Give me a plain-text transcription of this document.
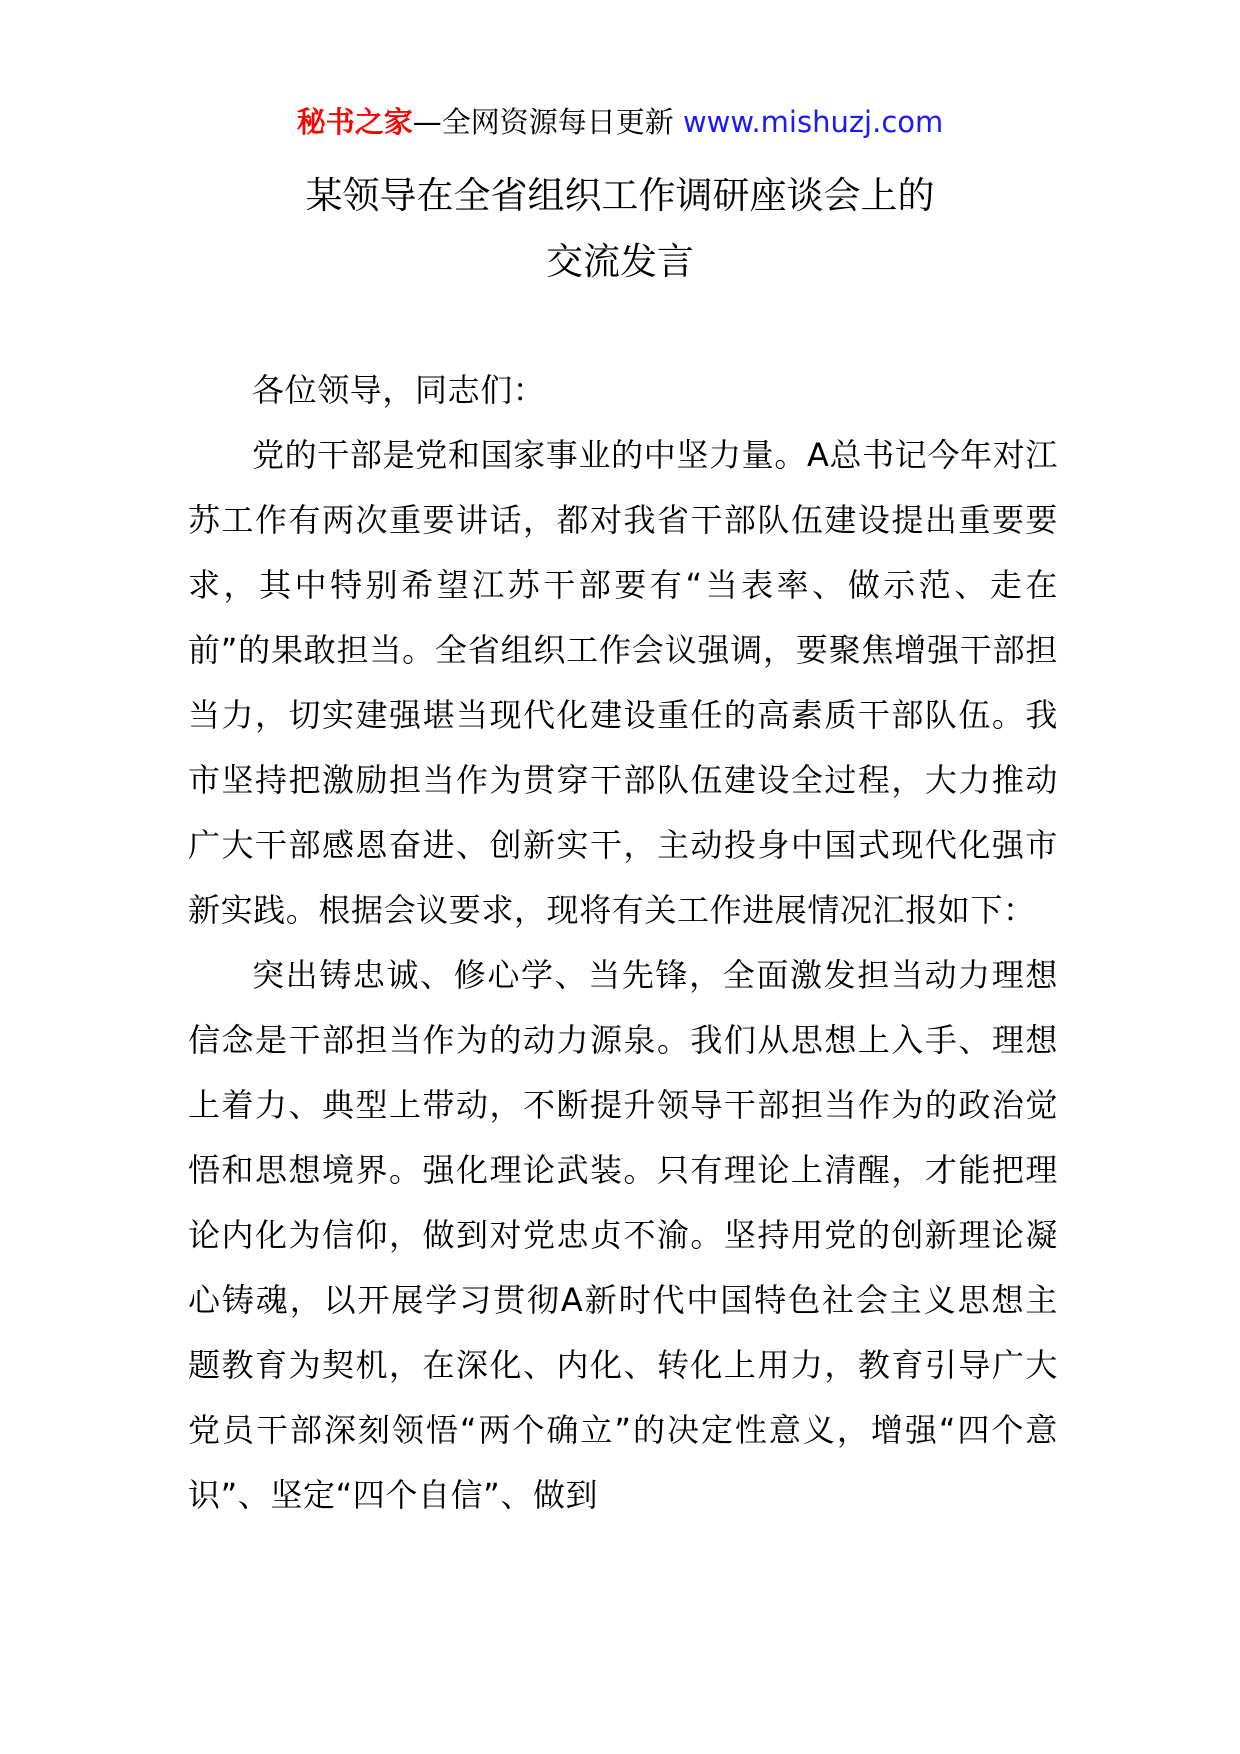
秘书之家—全网资源每日更新 www.mishuzj.com
某领导在全省组织工作调研座谈会上的
交流发言

各位领导，同志们：

党的干部是党和国家事业的中坚力量。A总书记今年对江苏工作有两次重要讲话，都对我省干部队伍建设提出重要要求，其中特别希望江苏干部要有“当表率、做示范、走在前”的果敢担当。全省组织工作会议强调，要聚焦增强干部担当力，切实建强堪当现代化建设重任的高素质干部队伍。我市坚持把激励担当作为贯穿干部队伍建设全过程，大力推动广大干部感恩奋进、创新实干，主动投身中国式现代化强市新实践。根据会议要求，现将有关工作进展情况汇报如下：

突出铸忠诚、修心学、当先锋，全面激发担当动力理想信念是干部担当作为的动力源泉。我们从思想上入手、理想上着力、典型上带动，不断提升领导干部担当作为的政治觉悟和思想境界。强化理论武装。只有理论上清醒，才能把理论内化为信仰，做到对党忠贞不渝。坚持用党的创新理论凝心铸魂，以开展学习贯彻A新时代中国特色社会主义思想主题教育为契机，在深化、内化、转化上用力，教育引导广大党员干部深刻领悟“两个确立”的决定性意义，增强“四个意识”、坚定“四个自信”、做到
